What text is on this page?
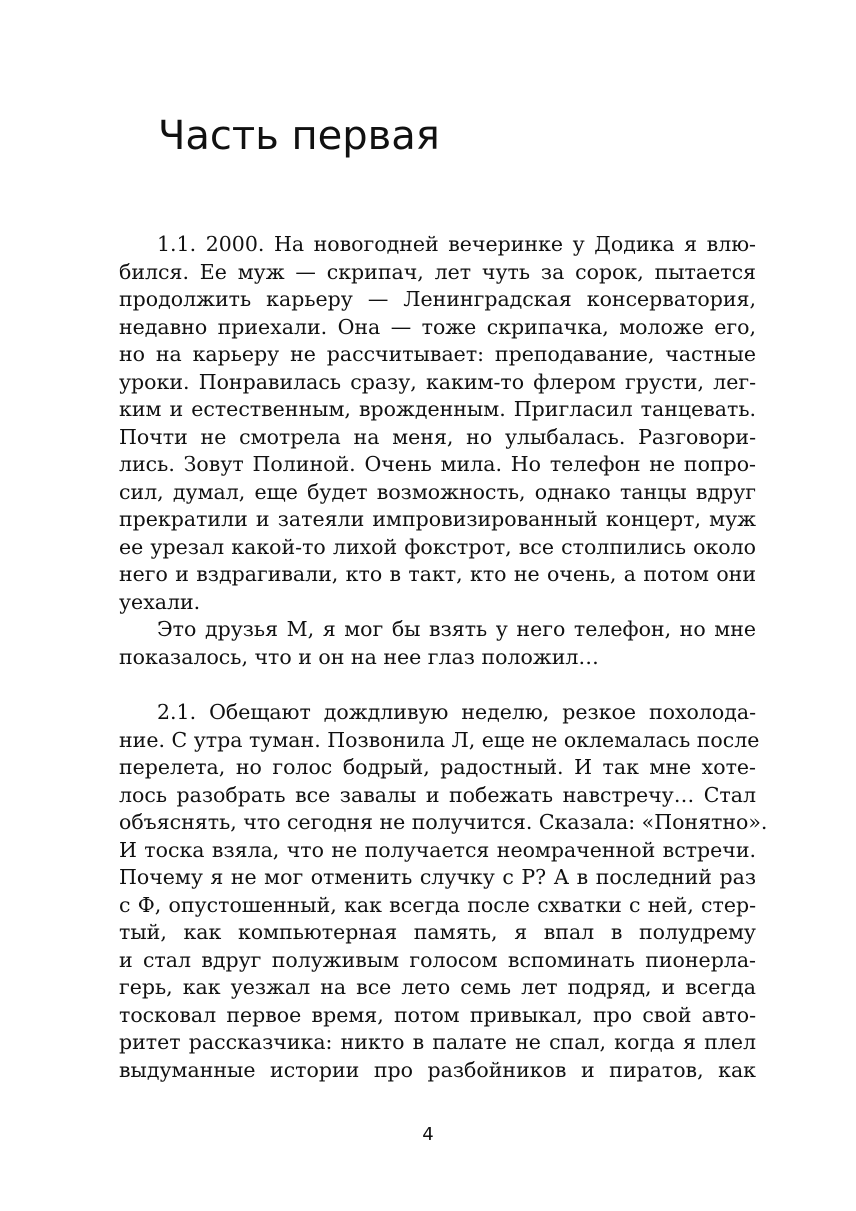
Часть первая
1.1. 2000. На новогодней вечеринке у Додика я влю-
бился. Ее муж — скрипач, лет чуть за сорок, пытается
продолжить карьеру — Ленинградская консерватория,
недавно приехали. Она — тоже скрипачка, моложе его,
но на карьеру не рассчитывает: преподавание, частные
уроки. Понравилась сразу, каким-то флером грусти, лег-
ким и естественным, врожденным. Пригласил танцевать.
Почти не смотрела на меня, но улыбалась. Разговори-
лись. Зовут Полиной. Очень мила. Но телефон не попро-
сил, думал, еще будет возможность, однако танцы вдруг
прекратили и затеяли импровизированный концерт, муж
ее урезал какой-то лихой фокстрот, все столпились около
него и вздрагивали, кто в такт, кто не очень, а потом они
уехали.
Это друзья М, я мог бы взять у него телефон, но мне
показалось, что и он на нее глаз положил…
2.1. Обещают дождливую неделю, резкое похолода-
ние. С утра туман. Позвонила Л, еще не оклемалась после
перелета, но голос бодрый, радостный. И так мне хоте-
лось разобрать все завалы и побежать навстречу… Стал
объяснять, что сегодня не получится. Сказала: «Понятно».
И тоска взяла, что не получается неомраченной встречи.
Почему я не мог отменить случку с Р? А в последний раз
с Ф, опустошенный, как всегда после схватки с ней, стер-
тый, как компьютерная память, я впал в полудрему
и стал вдруг полуживым голосом вспоминать пионерла-
герь, как уезжал на все лето семь лет подряд, и всегда
тосковал первое время, потом привыкал, про свой авто-
ритет рассказчика: никто в палате не спал, когда я плел
выдуманные истории про разбойников и пиратов, как
4
